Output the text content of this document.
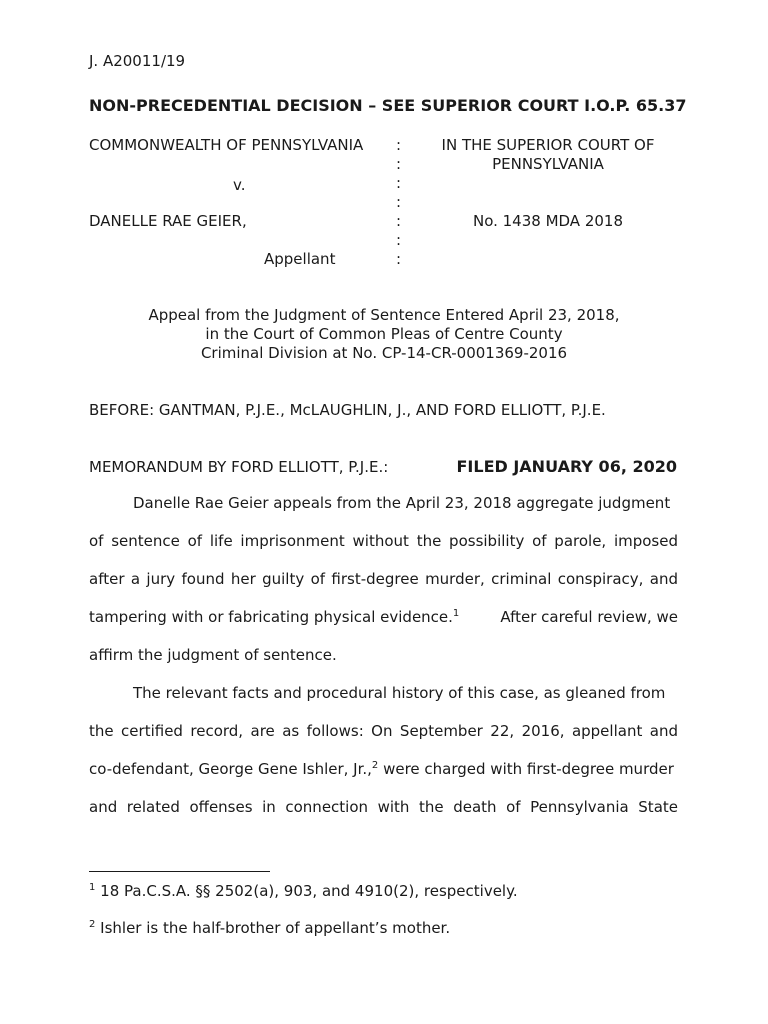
J. A20011/19
NON-PRECEDENTIAL DECISION – SEE SUPERIOR COURT I.O.P. 65.37
COMMONWEALTH OF PENNSYLVANIA
v.
DANELLE RAE GEIER,
Appellant
:
:
:
:
:
:
:
IN THE SUPERIOR COURT OF
PENNSYLVANIA
No. 1438 MDA 2018
Appeal from the Judgment of Sentence Entered April 23, 2018,
in the Court of Common Pleas of Centre County
Criminal Division at No. CP-14-CR-0001369-2016
BEFORE: GANTMAN, P.J.E., McLAUGHLIN, J., AND FORD ELLIOTT, P.J.E.
MEMORANDUM BY FORD ELLIOTT, P.J.E.:	FILED JANUARY 06, 2020
Danelle Rae Geier appeals from the April 23, 2018 aggregate judgment
of sentence of life imprisonment without the possibility of parole, imposed
after a jury found her guilty of first-degree murder, criminal conspiracy, and
tampering with or fabricating physical evidence.$^1$	After careful review, we
affirm the judgment of sentence.
The relevant facts and procedural history of this case, as gleaned from
the certified record, are as follows: On September 22, 2016, appellant and
co-defendant, George Gene Ishler, Jr.,$^2$ were charged with first-degree murder
and related offenses in connection with the death of Pennsylvania State
$^1$ 18 Pa.C.S.A. §§ 2502(a), 903, and 4910(2), respectively.
$^2$ Ishler is the half-brother of appellant’s mother.
